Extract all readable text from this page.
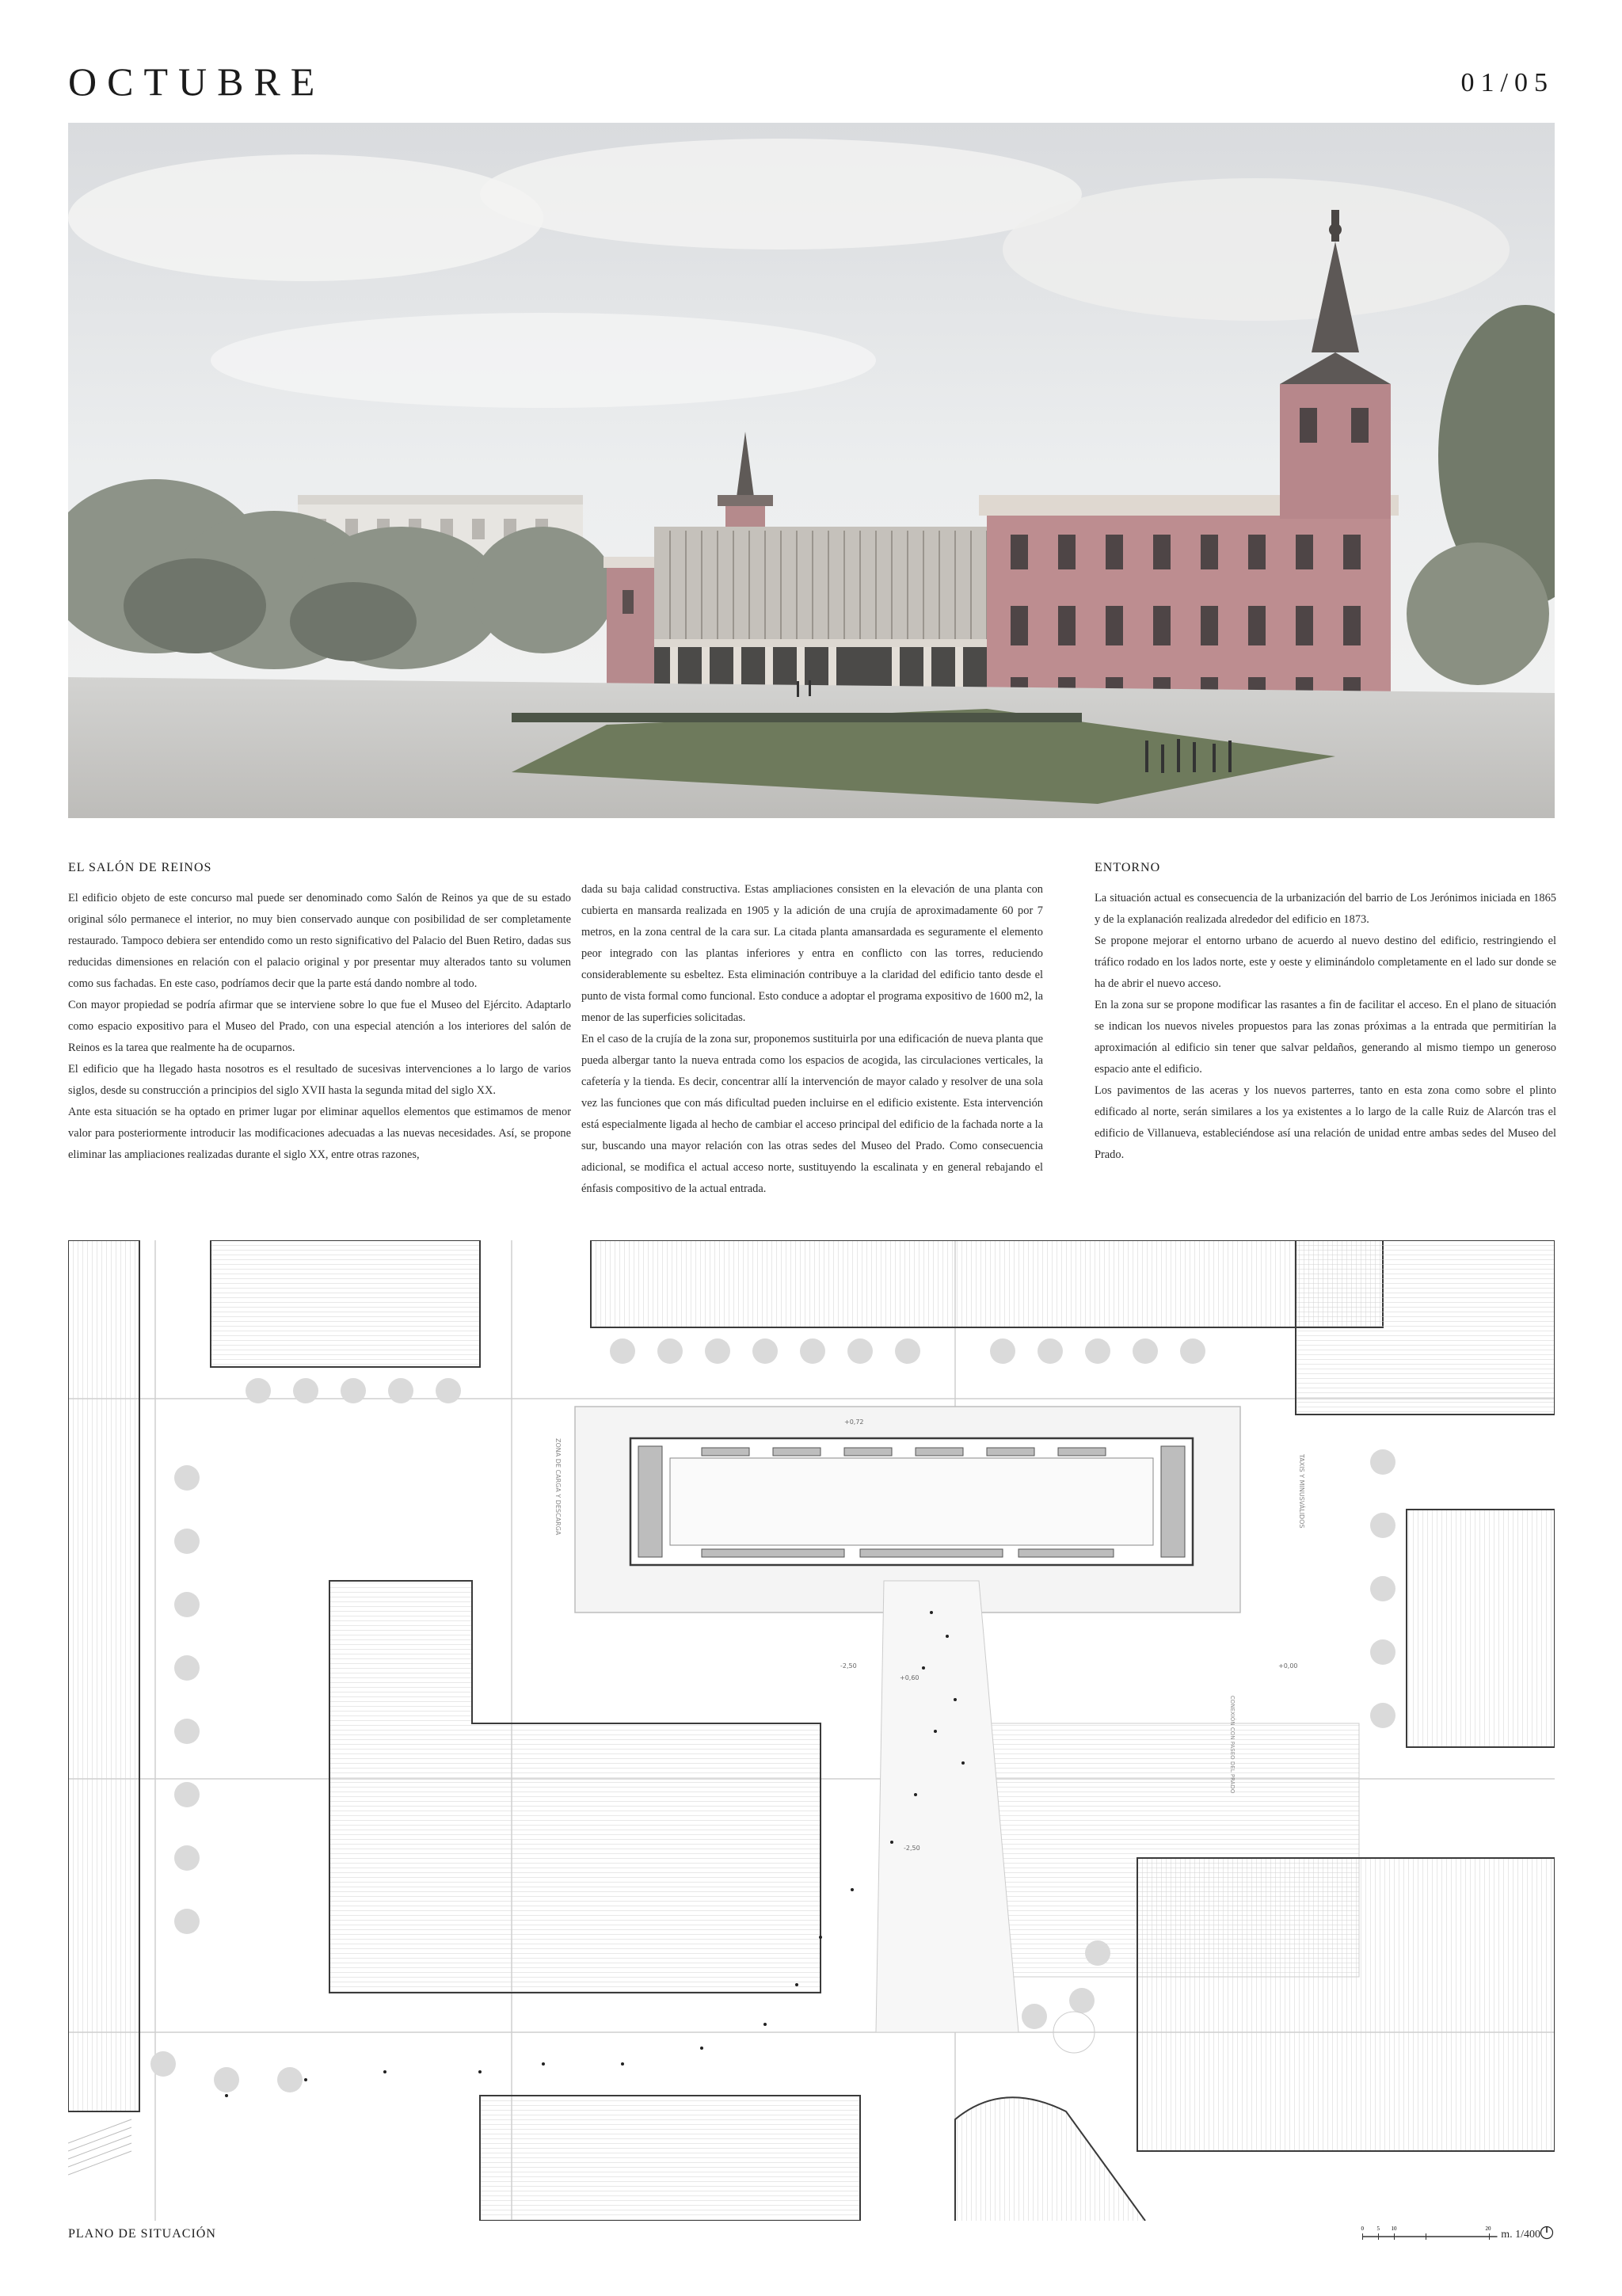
OCTUBRE	01/05
EL SALÓN DE REINOS

El edificio objeto de este concurso mal puede ser denominado como Salón de Reinos ya que de su estado original sólo permanece el interior, no muy bien conservado aunque con posibilidad de ser completamente restaurado. Tampoco debiera ser entendido como un resto significativo del Palacio del Buen Retiro, dadas sus reducidas dimensiones en relación con el palacio original y por presentar muy alterados tanto su volumen como sus fachadas. En este caso, podríamos decir que la parte está dando nombre al todo.

Con mayor propiedad se podría afirmar que se interviene sobre lo que fue el Museo del Ejército. Adaptarlo como espacio expositivo para el Museo del Prado, con una especial atención a los interiores del salón de Reinos es la tarea que realmente ha de ocuparnos.

El edificio que ha llegado hasta nosotros es el resultado de sucesivas intervenciones a lo largo de varios siglos, desde su construcción a principios del siglo XVII hasta la segunda mitad del siglo XX.

Ante esta situación se ha optado en primer lugar por eliminar aquellos elementos que estimamos de menor valor para posteriormente introducir las modificaciones adecuadas a las nuevas necesidades. Así, se propone eliminar las ampliaciones realizadas durante el siglo XX, entre otras razones,

dada su baja calidad constructiva. Estas ampliaciones consisten en la elevación de una planta con cubierta en mansarda realizada en 1905 y la adición de una crujía de aproximadamente 60 por 7 metros, en la zona central de la cara sur. La citada planta amansardada es seguramente el elemento peor integrado con las plantas inferiores y entra en conflicto con las torres, reduciendo considerablemente su esbeltez. Esta eliminación contribuye a la claridad del edificio tanto desde el punto de vista formal como funcional. Esto conduce a adoptar el programa expositivo de 1600 m2, la menor de las superficies solicitadas.

En el caso de la crujía de la zona sur, proponemos sustituirla por una edificación de nueva planta que pueda albergar tanto la nueva entrada como los espacios de acogida, las circulaciones verticales, la cafetería y la tienda. Es decir, concentrar allí la intervención de mayor calado y resolver de una sola vez las funciones que con más dificultad pueden incluirse en el edificio existente. Esta intervención está especialmente ligada al hecho de cambiar el acceso principal del edificio de la fachada norte a la sur, buscando una mayor relación con las otras sedes del Museo del Prado. Como consecuencia adicional, se modifica el actual acceso norte, sustituyendo la escalinata y en general rebajando el énfasis compositivo de la actual entrada.

ENTORNO

La situación actual es consecuencia de la urbanización del barrio de Los Jerónimos iniciada en 1865 y de la explanación realizada alrededor del edificio en 1873.

Se propone mejorar el entorno urbano de acuerdo al nuevo destino del edificio, restringiendo el tráfico rodado en los lados norte, este y oeste y eliminándolo completamente en el lado sur donde se ha de abrir el nuevo acceso.

En la zona sur se propone modificar las rasantes a fin de facilitar el acceso. En el plano de situación se indican los nuevos niveles propuestos para las zonas próximas a la entrada que permitirían la aproximación al edificio sin tener que salvar peldaños, generando al mismo tiempo un generoso espacio ante el edificio.

Los pavimentos de las aceras y los nuevos parterres, tanto en esta zona como sobre el plinto edificado al norte, serán similares a los ya existentes a lo largo de la calle Ruiz de Alarcón tras el edificio de Villanueva, estableciéndose así una relación de unidad entre ambas sedes del Museo del Prado.

ZONA DE CARGA Y DESCARGA	TAXIS Y MINUSVÁLIDOS
CONEXIÓN CON PASEO DEL PRADO
+0,72
-2,50
+0,60
+0,00
-2,50
PLANO DE SITUACIÓN	0 5 10	20 m. 1/400
